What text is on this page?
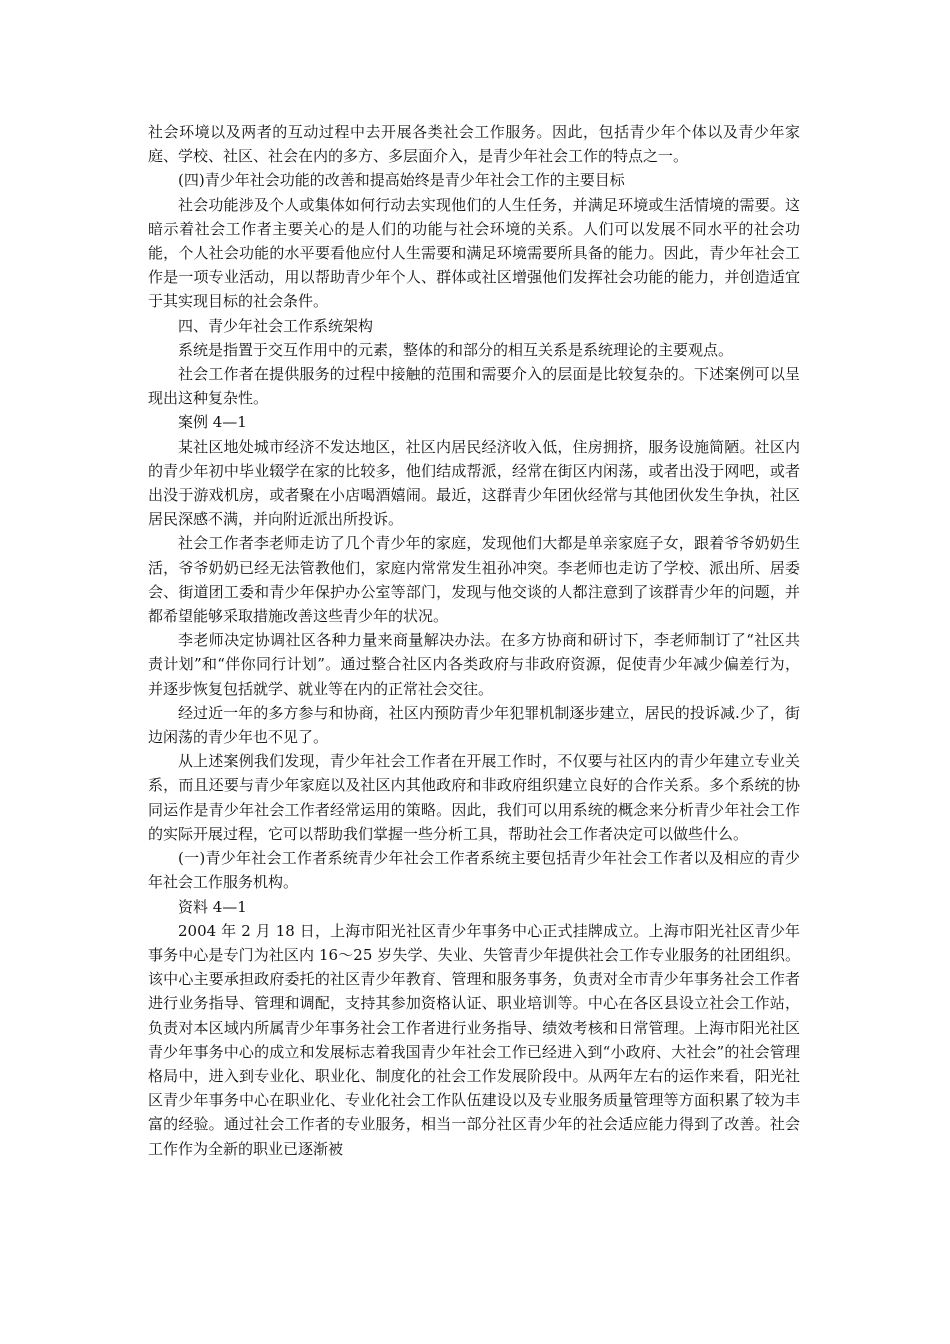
社会环境以及两者的互动过程中去开展各类社会工作服务。因此，包括青少年个体以及青少年家庭、学校、社区、社会在内的多方、多层面介入，是青少年社会工作的特点之一。

(四)青少年社会功能的改善和提高始终是青少年社会工作的主要目标

社会功能涉及个人或集体如何行动去实现他们的人生任务，并满足环境或生活情境的需要。这暗示着社会工作者主要关心的是人们的功能与社会环境的关系。人们可以发展不同水平的社会功能，个人社会功能的水平要看他应付人生需要和满足环境需要所具备的能力。因此，青少年社会工作是一项专业活动，用以帮助青少年个人、群体或社区增强他们发挥社会功能的能力，并创造适宜于其实现目标的社会条件。

四、青少年社会工作系统架构

系统是指置于交互作用中的元素，整体的和部分的相互关系是系统理论的主要观点。

社会工作者在提供服务的过程中接触的范围和需要介入的层面是比较复杂的。下述案例可以呈现出这种复杂性。

案例 4—1

某社区地处城市经济不发达地区，社区内居民经济收入低，住房拥挤，服务设施简陋。社区内的青少年初中毕业辍学在家的比较多，他们结成帮派，经常在街区内闲荡，或者出没于网吧，或者出没于游戏机房，或者聚在小店喝酒嬉闹。最近，这群青少年团伙经常与其他团伙发生争执，社区居民深感不满，并向附近派出所投诉。

社会工作者李老师走访了几个青少年的家庭，发现他们大都是单亲家庭子女，跟着爷爷奶奶生活，爷爷奶奶已经无法管教他们，家庭内常常发生祖孙冲突。李老师也走访了学校、派出所、居委会、街道团工委和青少年保护办公室等部门，发现与他交谈的人都注意到了该群青少年的问题，并都希望能够采取措施改善这些青少年的状况。

李老师决定协调社区各种力量来商量解决办法。在多方协商和研讨下，李老师制订了“社区共责计划”和“伴你同行计划”。通过整合社区内各类政府与非政府资源，促使青少年减少偏差行为，并逐步恢复包括就学、就业等在内的正常社会交往。

经过近一年的多方参与和协商，社区内预防青少年犯罪机制逐步建立，居民的投诉减.少了，街边闲荡的青少年也不见了。

从上述案例我们发现，青少年社会工作者在开展工作时，不仅要与社区内的青少年建立专业关系，而且还要与青少年家庭以及社区内其他政府和非政府组织建立良好的合作关系。多个系统的协同运作是青少年社会工作者经常运用的策略。因此，我们可以用系统的概念来分析青少年社会工作的实际开展过程，它可以帮助我们掌握一些分析工具，帮助社会工作者决定可以做些什么。

(一)青少年社会工作者系统青少年社会工作者系统主要包括青少年社会工作者以及相应的青少年社会工作服务机构。

资料 4—1

2004 年 2 月 18 日，上海市阳光社区青少年事务中心正式挂牌成立。上海市阳光社区青少年事务中心是专门为社区内 16～25 岁失学、失业、失管青少年提供社会工作专业服务的社团组织。该中心主要承担政府委托的社区青少年教育、管理和服务事务，负责对全市青少年事务社会工作者进行业务指导、管理和调配，支持其参加资格认证、职业培训等。中心在各区县设立社会工作站，负责对本区域内所属青少年事务社会工作者进行业务指导、绩效考核和日常管理。上海市阳光社区青少年事务中心的成立和发展标志着我国青少年社会工作已经进入到“小政府、大社会”的社会管理格局中，进入到专业化、职业化、制度化的社会工作发展阶段中。从两年左右的运作来看，阳光社区青少年事务中心在职业化、专业化社会工作队伍建设以及专业服务质量管理等方面积累了较为丰富的经验。通过社会工作者的专业服务，相当一部分社区青少年的社会适应能力得到了改善。社会工作作为全新的职业已逐渐被
